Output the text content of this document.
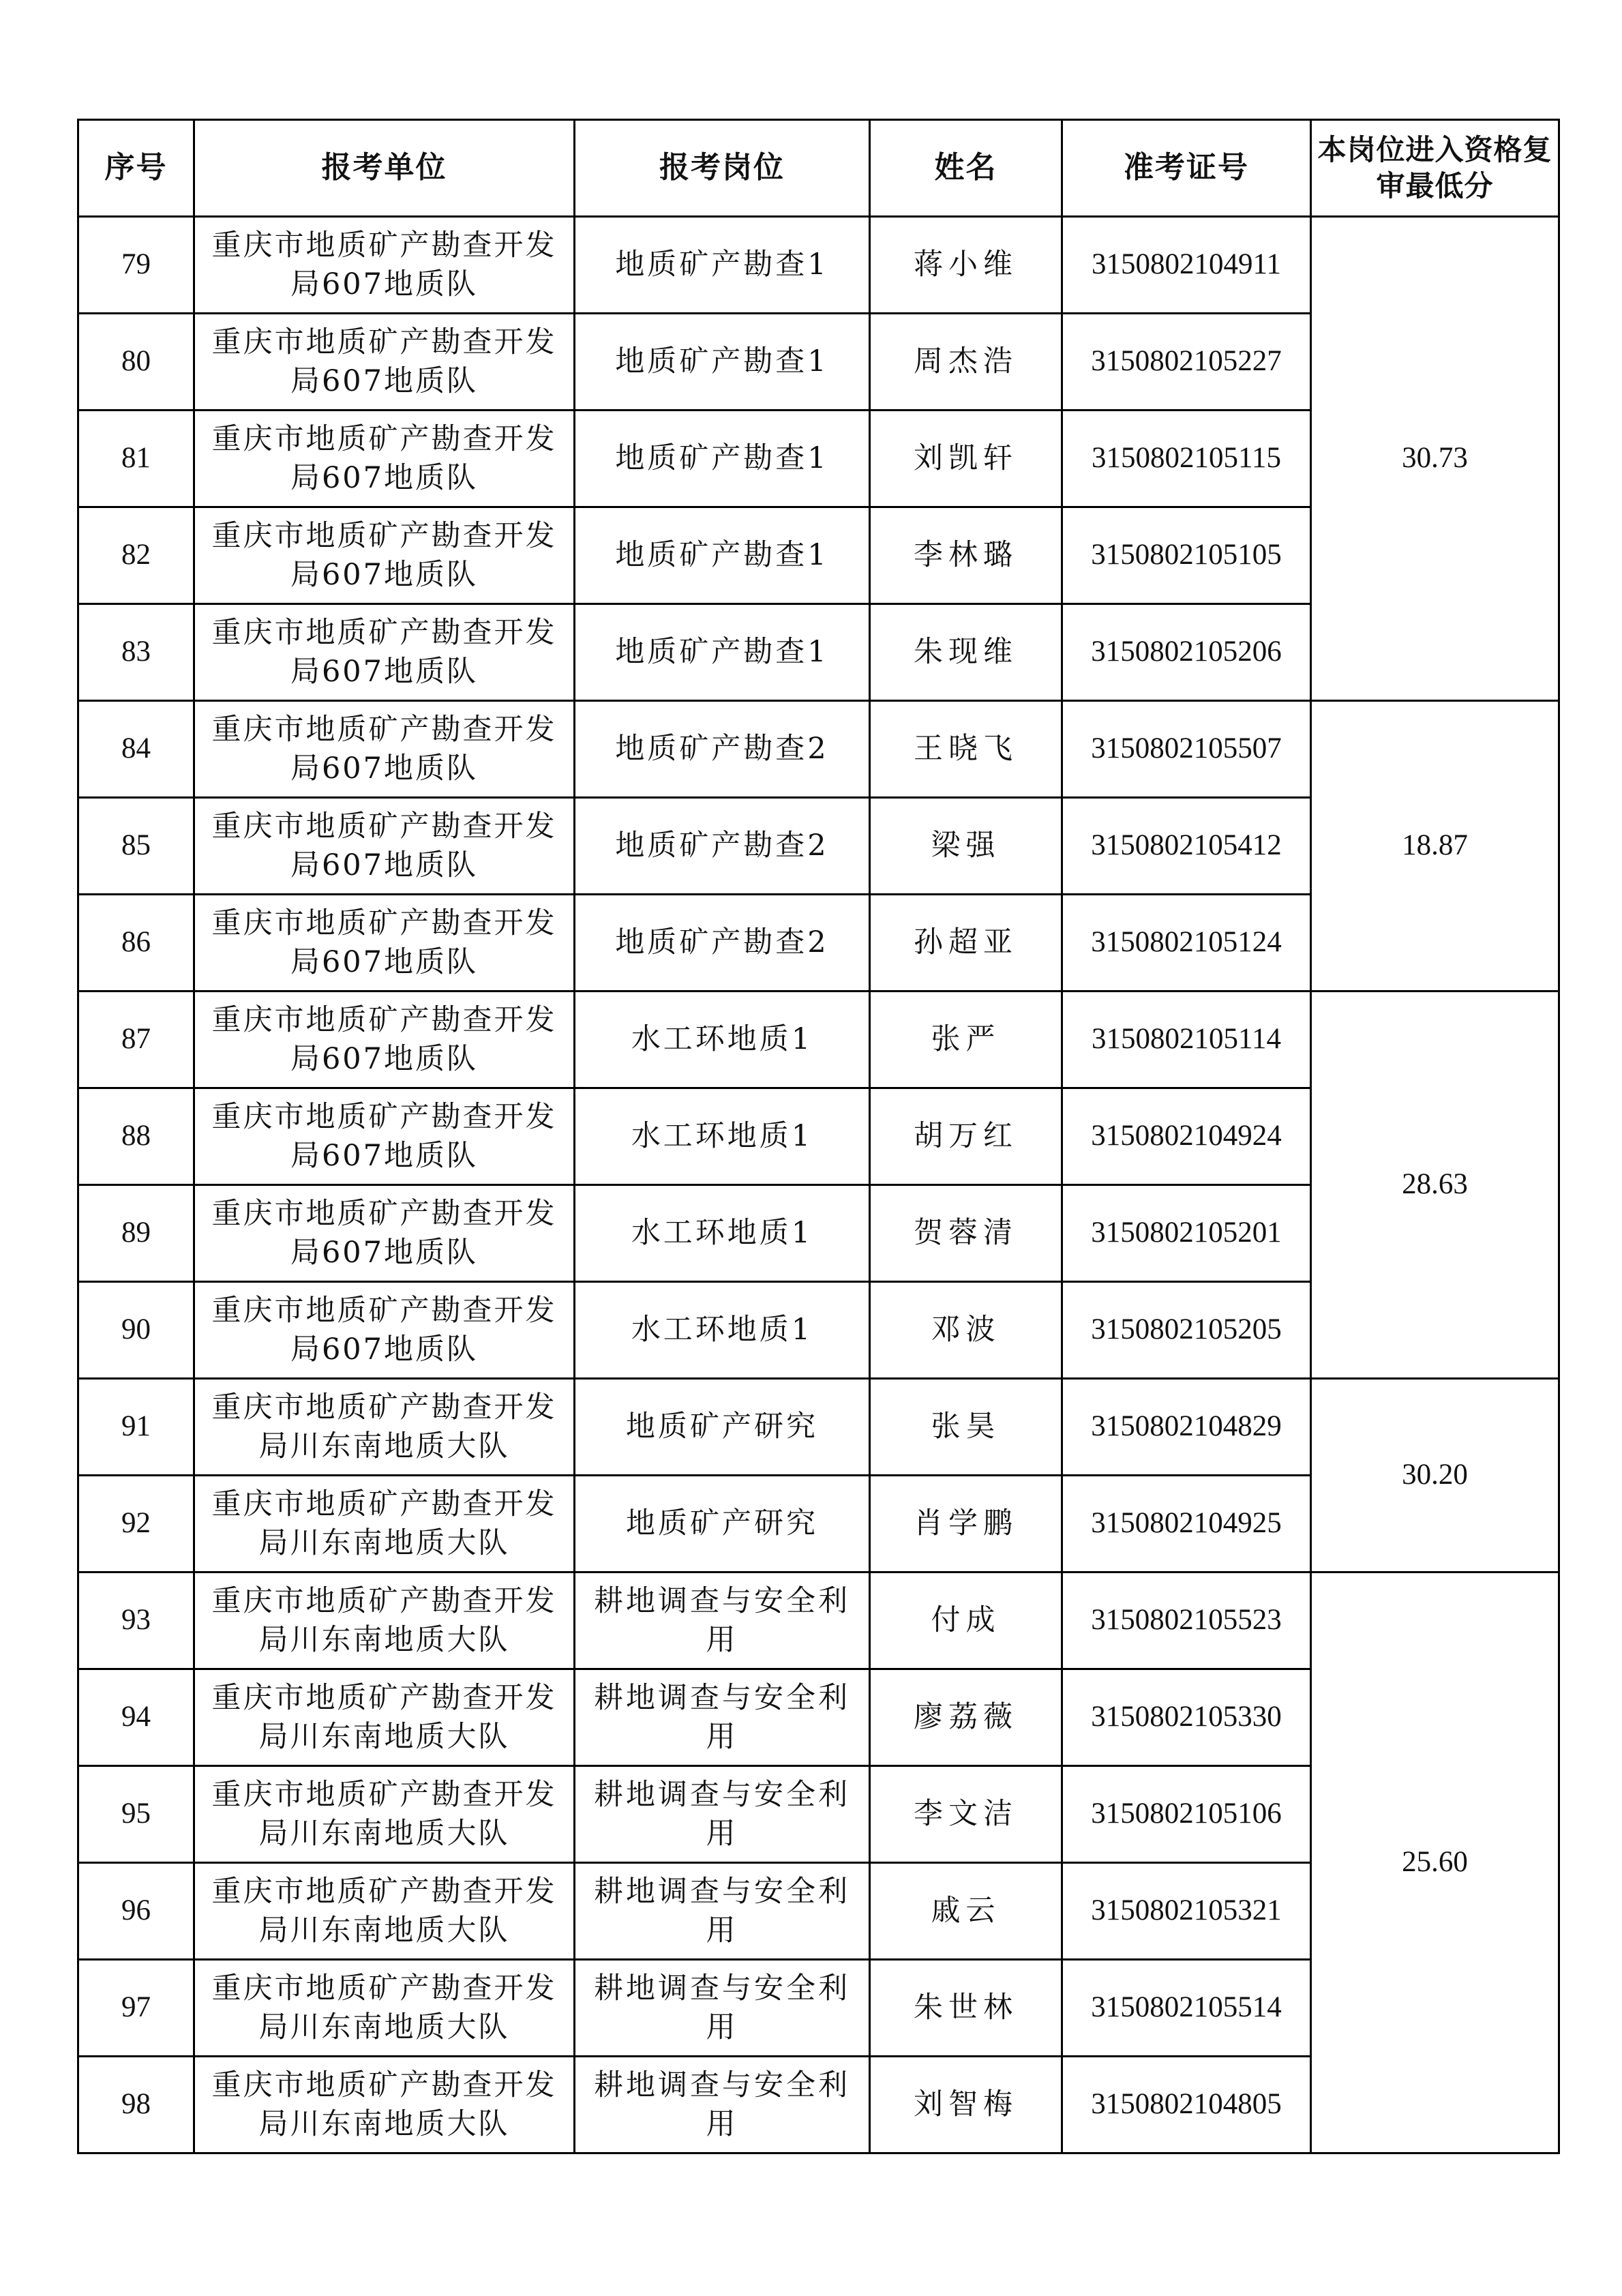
序号	报考单位	报考岗位	姓名	准考证号	本岗位进入资格复审最低分
79	重庆市地质矿产勘查开发局607地质队	地质矿产勘查1	蒋小维	3150802104911	30.73
80	重庆市地质矿产勘查开发局607地质队	地质矿产勘查1	周杰浩	3150802105227	
81	重庆市地质矿产勘查开发局607地质队	地质矿产勘查1	刘凯轩	3150802105115	
82	重庆市地质矿产勘查开发局607地质队	地质矿产勘查1	李林璐	3150802105105	
83	重庆市地质矿产勘查开发局607地质队	地质矿产勘查1	朱现维	3150802105206	
84	重庆市地质矿产勘查开发局607地质队	地质矿产勘查2	王晓飞	3150802105507	18.87
85	重庆市地质矿产勘查开发局607地质队	地质矿产勘查2	梁强	3150802105412	
86	重庆市地质矿产勘查开发局607地质队	地质矿产勘查2	孙超亚	3150802105124	
87	重庆市地质矿产勘查开发局607地质队	水工环地质1	张严	3150802105114	28.63
88	重庆市地质矿产勘查开发局607地质队	水工环地质1	胡万红	3150802104924	
89	重庆市地质矿产勘查开发局607地质队	水工环地质1	贺蓉清	3150802105201	
90	重庆市地质矿产勘查开发局607地质队	水工环地质1	邓波	3150802105205	
91	重庆市地质矿产勘查开发局川东南地质大队	地质矿产研究	张昊	3150802104829	30.20
92	重庆市地质矿产勘查开发局川东南地质大队	地质矿产研究	肖学鹏	3150802104925	
93	重庆市地质矿产勘查开发局川东南地质大队	耕地调查与安全利用	付成	3150802105523	25.60
94	重庆市地质矿产勘查开发局川东南地质大队	耕地调查与安全利用	廖荔薇	3150802105330	
95	重庆市地质矿产勘查开发局川东南地质大队	耕地调查与安全利用	李文洁	3150802105106	
96	重庆市地质矿产勘查开发局川东南地质大队	耕地调查与安全利用	戚云	3150802105321	
97	重庆市地质矿产勘查开发局川东南地质大队	耕地调查与安全利用	朱世林	3150802105514	
98	重庆市地质矿产勘查开发局川东南地质大队	耕地调查与安全利用	刘智梅	3150802104805	
